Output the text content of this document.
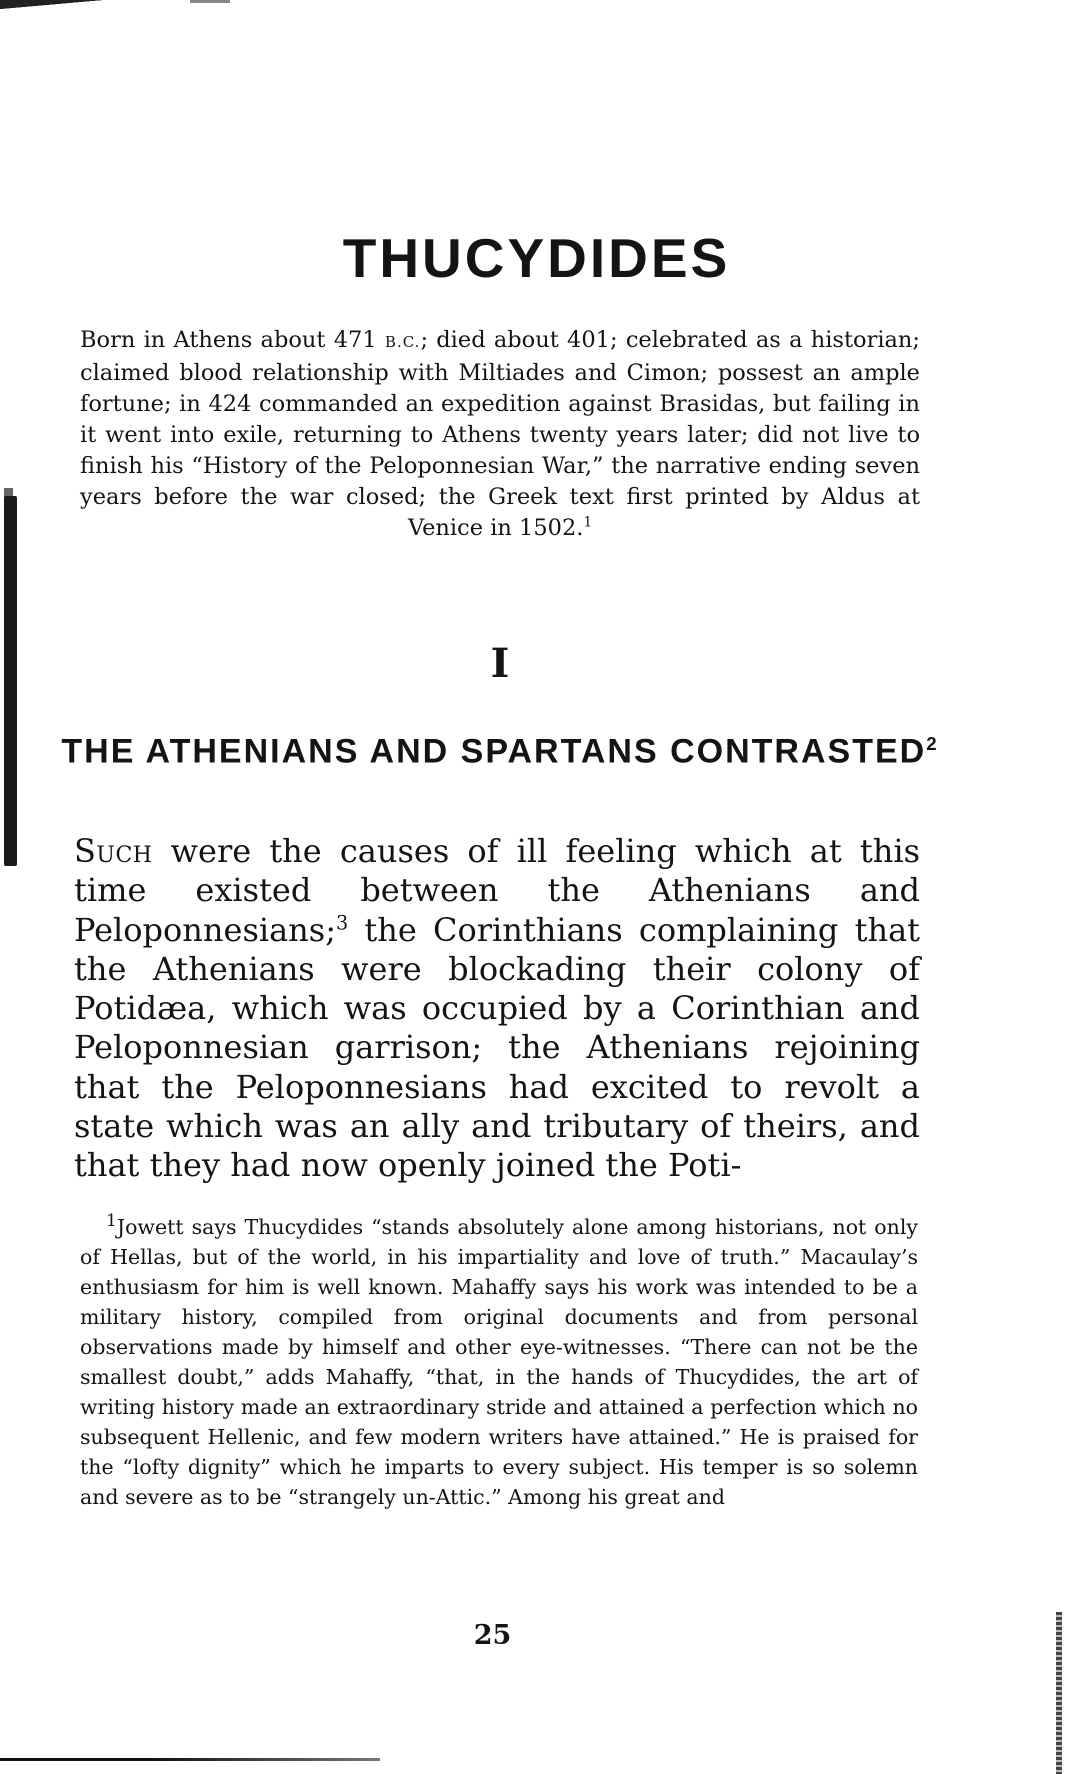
THUCYDIDES

Born in Athens about 471 B.C.; died about 401; celebrated as a historian; claimed blood relationship with Miltiades and Cimon; possest an ample fortune; in 424 commanded an expedition against Brasidas, but failing in it went into exile, returning to Athens twenty years later; did not live to finish his “History of the Peloponnesian War,” the narrative ending seven years before the war closed; the Greek text first printed by Aldus at Venice in 1502.$^1$

I
THE ATHENIANS AND SPARTANS CONTRASTED$^2$

Such were the causes of ill feeling which at this time existed between the Athenians and Peloponnesians;$^3$ the Corinthians complaining that the Athenians were blockading their colony of Potidæa, which was occupied by a Corinthian and Peloponnesian garrison; the Athenians rejoining that the Peloponnesians had excited to revolt a state which was an ally and tributary of theirs, and that they had now openly joined the Poti-

$^1$Jowett says Thucydides “stands absolutely alone among historians, not only of Hellas, but of the world, in his impartiality and love of truth.” Macaulay’s enthusiasm for him is well known. Mahaffy says his work was intended to be a military history, compiled from original documents and from personal observations made by himself and other eye-witnesses. “There can not be the smallest doubt,” adds Mahaffy, “that, in the hands of Thucydides, the art of writing history made an extraordinary stride and attained a perfection which no subsequent Hellenic, and few modern writers have attained.” He is praised for the “lofty dignity” which he imparts to every subject. His temper is so solemn and severe as to be “strangely un-Attic.” Among his great and

25
